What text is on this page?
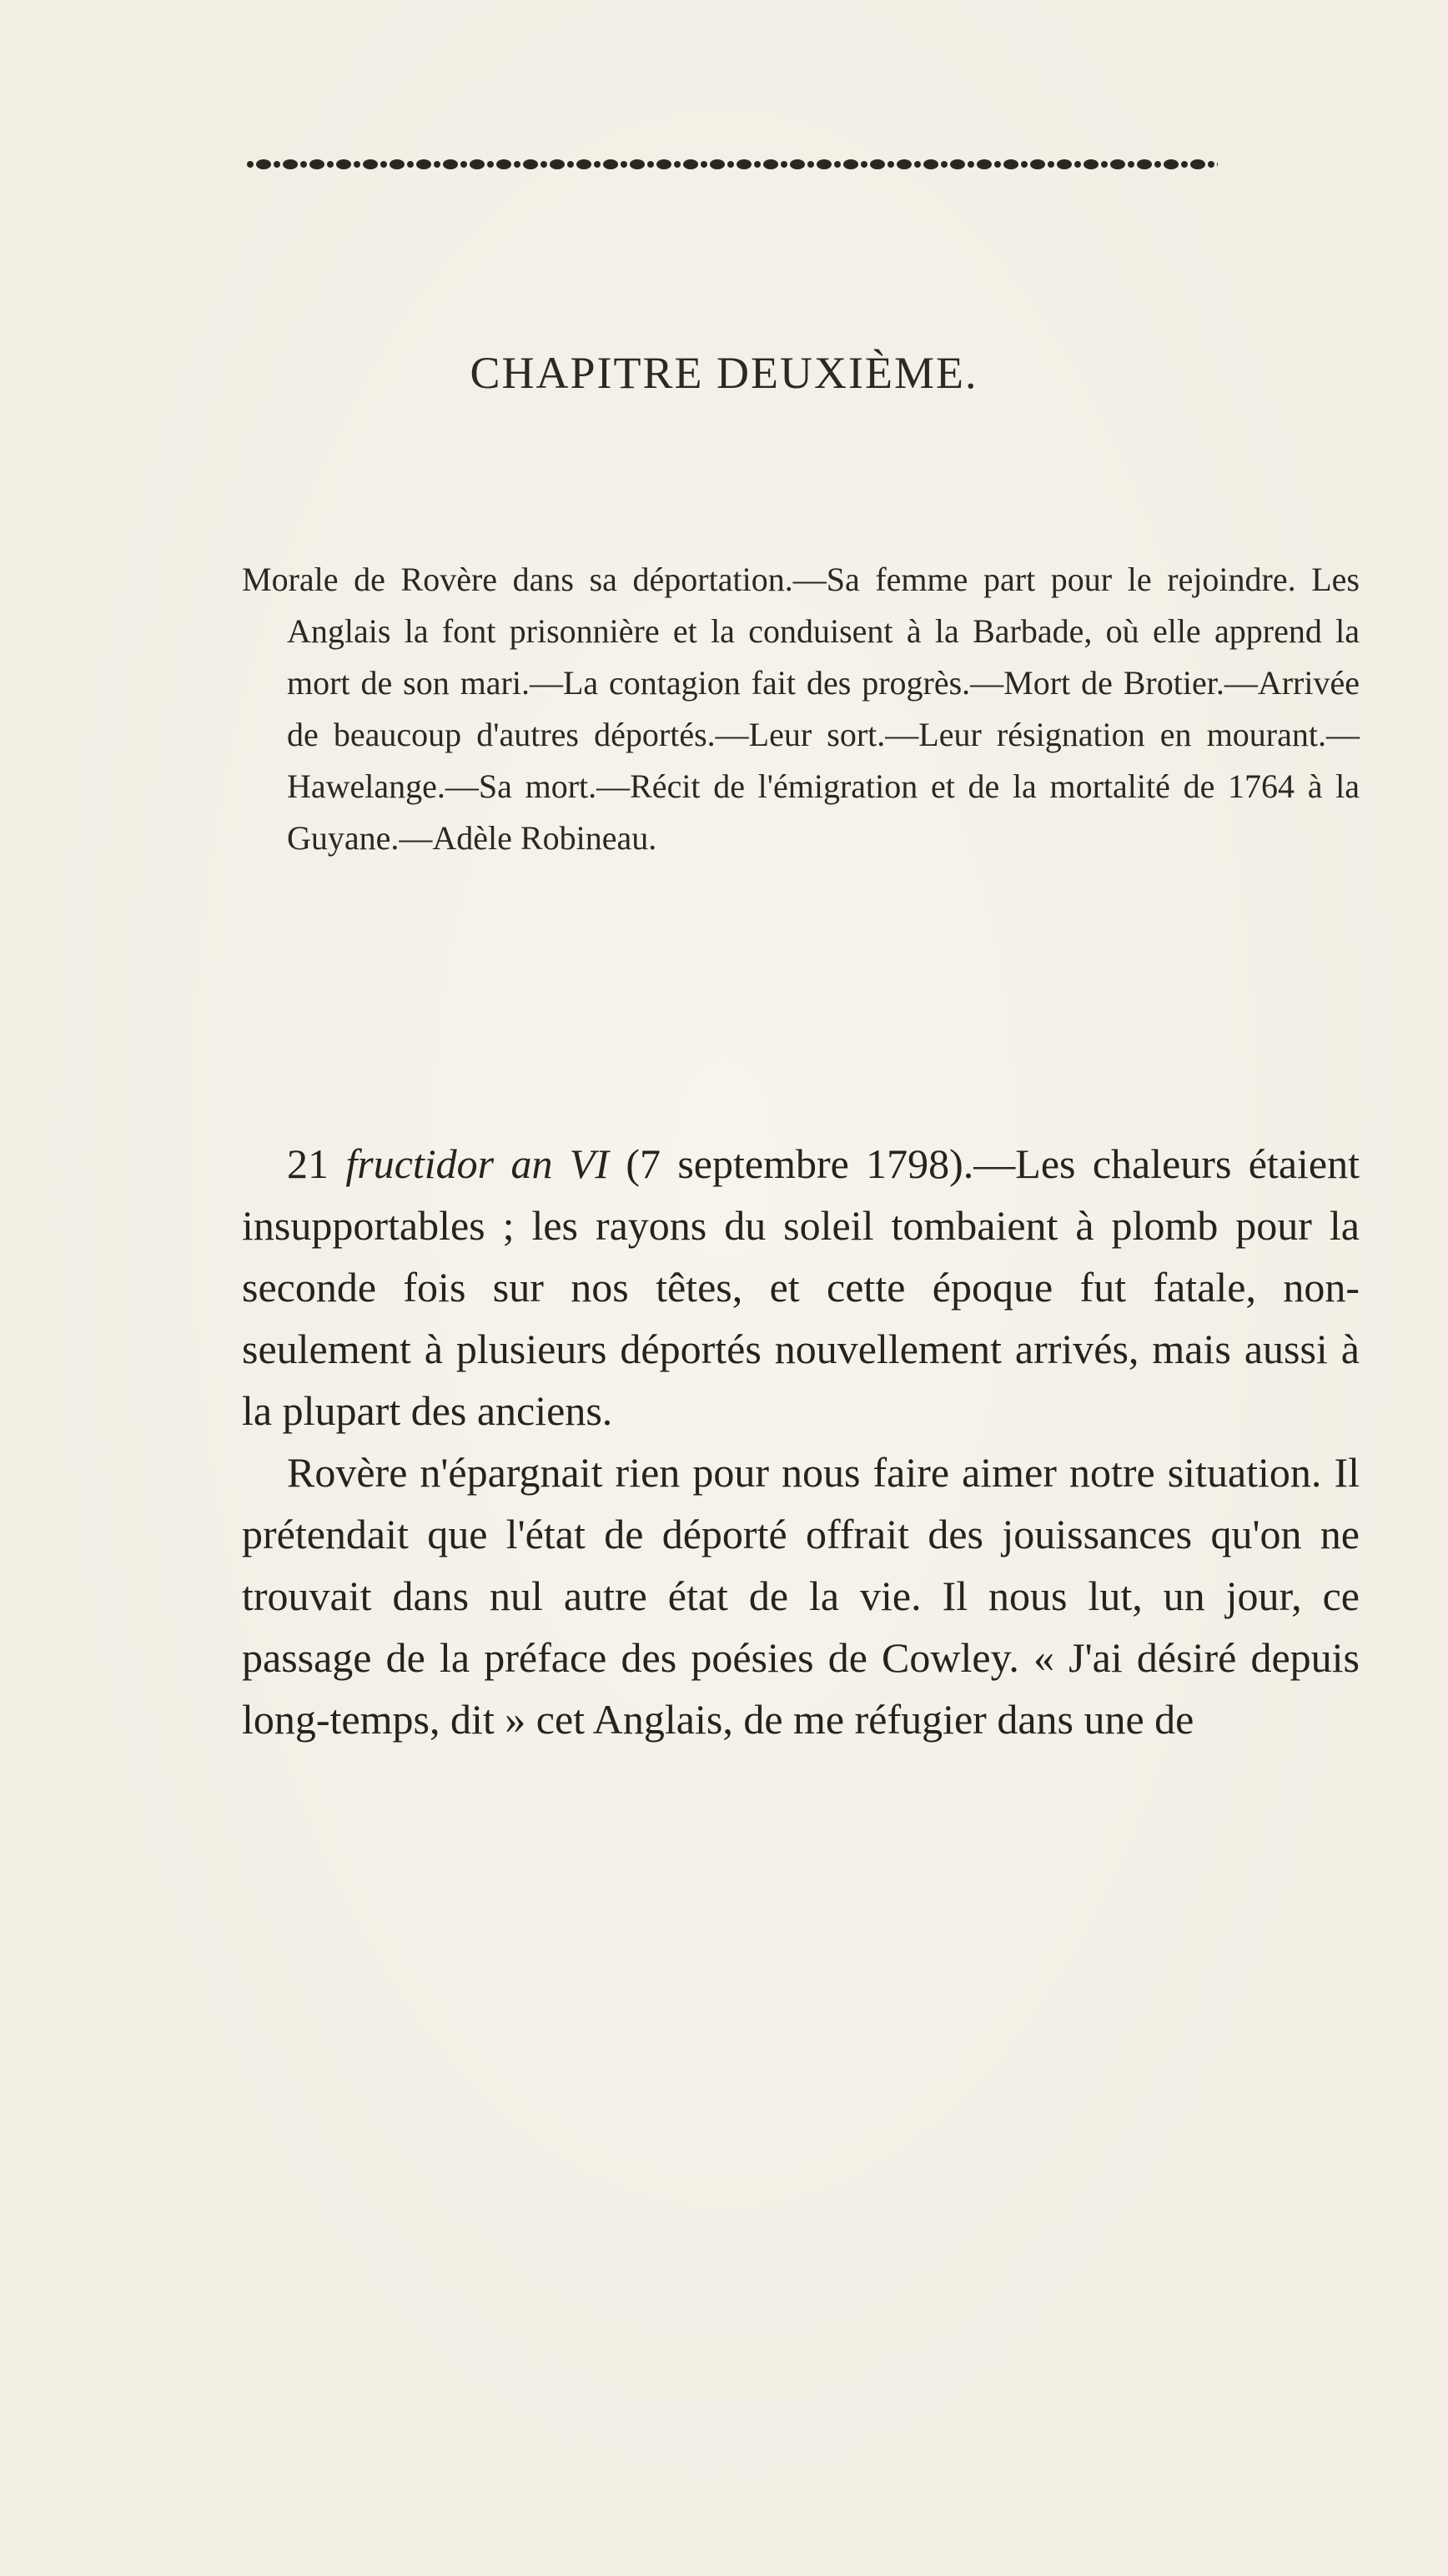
CHAPITRE DEUXIÈME.
Morale de Rovère dans sa déportation.—Sa femme part pour le rejoindre. Les Anglais la font prisonnière et la conduisent à la Barbade, où elle apprend la mort de son mari.—La contagion fait des progrès.—Mort de Brotier.—Arrivée de beaucoup d'autres déportés.—Leur sort.—Leur résignation en mourant.—Hawelange.—Sa mort.—Récit de l'émigration et de la mortalité de 1764 à la Guyane.—Adèle Robineau.

21 fructidor an VI (7 septembre 1798).—Les chaleurs étaient insupportables ; les rayons du soleil tombaient à plomb pour la seconde fois sur nos têtes, et cette époque fut fatale, non-seulement à plusieurs déportés nouvellement arrivés, mais aussi à la plupart des anciens.

Rovère n'épargnait rien pour nous faire aimer notre situation. Il prétendait que l'état de déporté offrait des jouissances qu'on ne trouvait dans nul autre état de la vie. Il nous lut, un jour, ce passage de la préface des poésies de Cowley. « J'ai désiré depuis long-temps, dit » cet Anglais, de me réfugier dans une de
